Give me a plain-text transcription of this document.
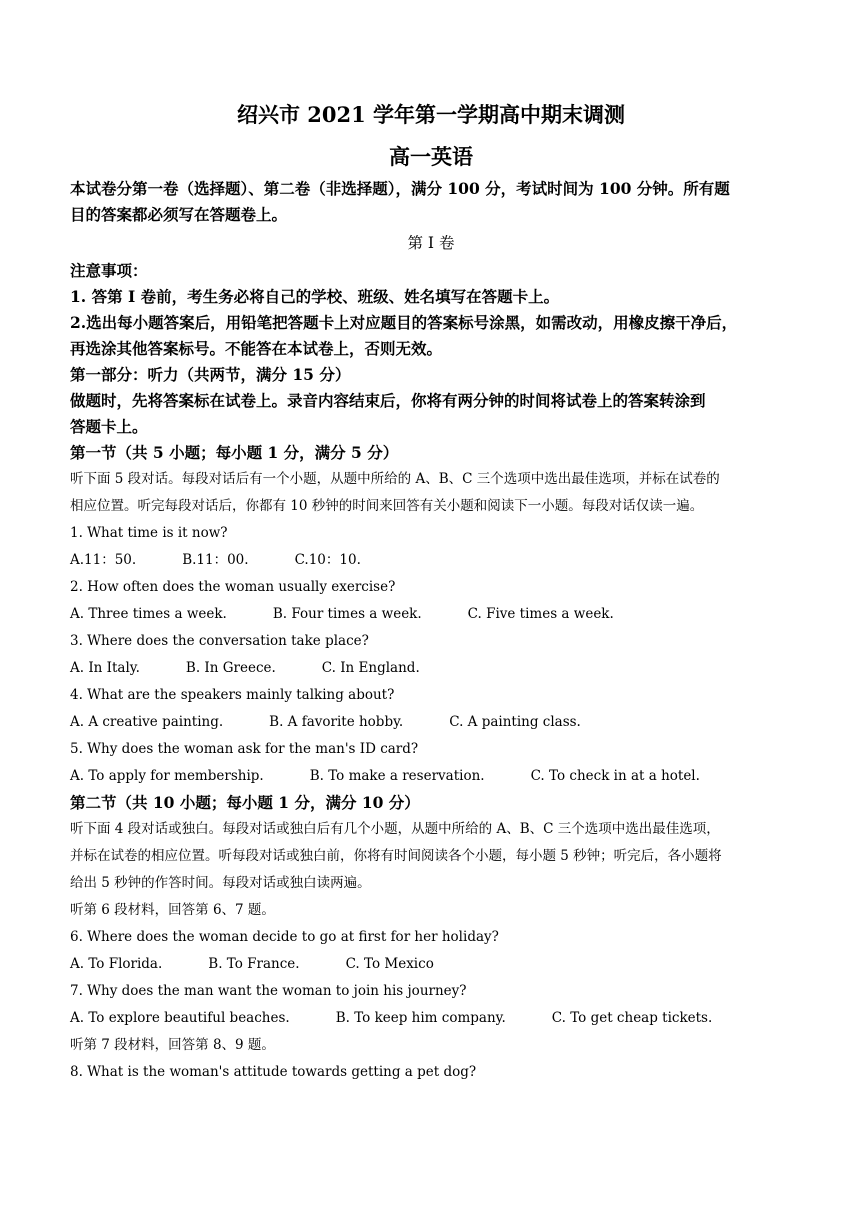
绍兴市 2021 学年第一学期高中期末调测
高一英语

本试卷分第一卷（选择题）、第二卷（非选择题），满分 100 分，考试时间为 100 分钟。所有题

目的答案都必须写在答题卷上。

第 Ⅰ 卷

注意事项：

1. 答第 Ⅰ 卷前，考生务必将自己的学校、班级、姓名填写在答题卡上。

2.选出每小题答案后，用铅笔把答题卡上对应题目的答案标号涂黑，如需改动，用橡皮擦干净后，

再选涂其他答案标号。不能答在本试卷上，否则无效。

第一部分：听力（共两节，满分 15 分）

做题时，先将答案标在试卷上。录音内容结束后，你将有两分钟的时间将试卷上的答案转涂到

答题卡上。

第一节（共 5 小题；每小题 1 分，满分 5 分）

听下面 5 段对话。每段对话后有一个小题，从题中所给的 A、B、C 三个选项中选出最佳选项，并标在试卷的

相应位置。听完每段对话后，你都有 10 秒钟的时间来回答有关小题和阅读下一小题。每段对话仅读一遍。

1. What time is it now?

A.11：50.	B.11：00.	C.10：10.

2. How often does the woman usually exercise?

A. Three times a week.	B. Four times a week.	C. Five times a week.

3. Where does the conversation take place?

A. In Italy.	B. In Greece.	C. In England.

4. What are the speakers mainly talking about?

A. A creative painting.	B. A favorite hobby.	C. A painting class.

5. Why does the woman ask for the man's ID card?

A. To apply for membership.	B. To make a reservation.	C. To check in at a hotel.

第二节（共 10 小题；每小题 1 分，满分 10 分）

听下面 4 段对话或独白。每段对话或独白后有几个小题，从题中所给的 A、B、C 三个选项中选出最佳选项，

并标在试卷的相应位置。听每段对话或独白前，你将有时间阅读各个小题，每小题 5 秒钟；听完后，各小题将

给出 5 秒钟的作答时间。每段对话或独白读两遍。

听第 6 段材料，回答第 6、7 题。

6. Where does the woman decide to go at first for her holiday?

A. To Florida.	B. To France.	C. To Mexico

7. Why does the man want the woman to join his journey?

A. To explore beautiful beaches.	B. To keep him company.	C. To get cheap tickets.

听第 7 段材料，回答第 8、9 题。

8. What is the woman's attitude towards getting a pet dog?
